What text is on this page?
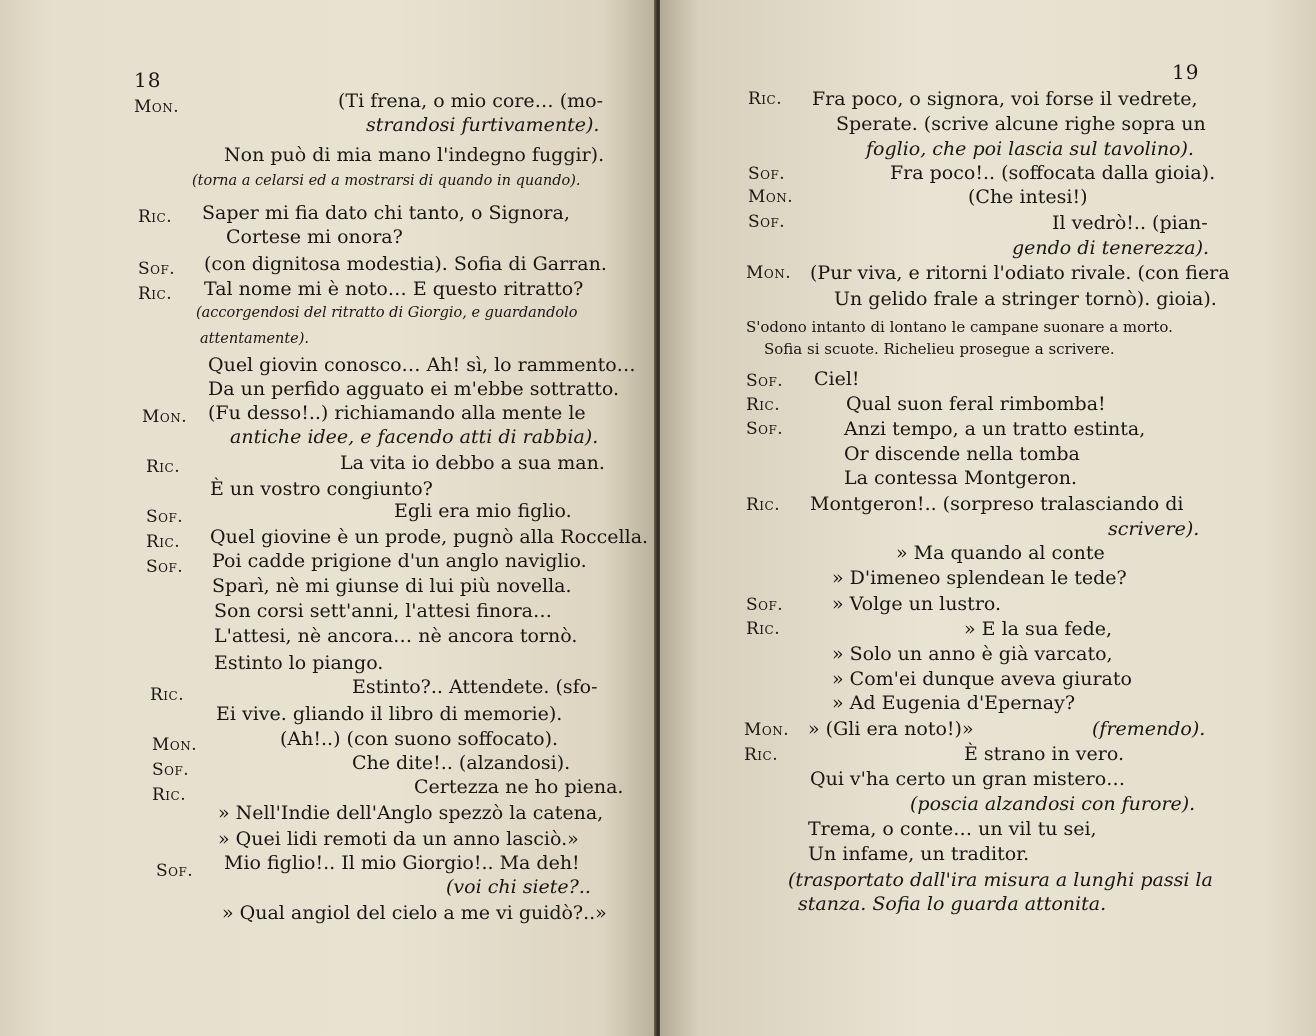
18
Mon.	(Ti frena, o mio core… (mo-
strandosi furtivamente).
Non può di mia mano l'indegno fuggir).
(torna a celarsi ed a mostrarsi di quando in quando).
Ric. Saper mi fia dato chi tanto, o Signora,
Cortese mi onora?
Sof. (con dignitosa modestia). Sofia di Garran.
Ric. Tal nome mi è noto… E questo ritratto?
(accorgendosi del ritratto di Giorgio, e guardandolo
attentamente).
Quel giovin conosco… Ah! sì, lo rammento…
Da un perfido agguato ei m'ebbe sottratto.
Mon. (Fu desso!..) richiamando alla mente le
antiche idee, e facendo atti di rabbia).
Ric.	La vita io debbo a sua man.
È un vostro congiunto?
Sof.	Egli era mio figlio.
Ric. Quel giovine è un prode, pugnò alla Roccella.
Sof. Poi cadde prigione d'un anglo naviglio.
Sparì, nè mi giunse di lui più novella.
Son corsi sett'anni, l'attesi finora…
L'attesi, nè ancora… nè ancora tornò.
Estinto lo piango.
Ric.	Estinto?.. Attendete. (sfo-
Ei vive. gliando il libro di memorie).
Mon.	(Ah!..) (con suono soffocato).
Sof.	Che dite!.. (alzandosi).
Ric.	Certezza ne ho piena.
» Nell'Indie dell'Anglo spezzò la catena,
» Quei lidi remoti da un anno lasciò.»
Sof. Mio figlio!.. Il mio Giorgio!.. Ma deh!
(voi chi siete?..
» Qual angiol del cielo a me vi guidò?..»
19
Ric. Fra poco, o signora, voi forse il vedrete,
Sperate. (scrive alcune righe sopra un
foglio, che poi lascia sul tavolino).
Sof.	Fra poco!.. (soffocata dalla gioia).
Mon.	(Che intesi!)
Sof.	Il vedrò!.. (pian-
gendo di tenerezza).
Mon. (Pur viva, e ritorni l'odiato rivale. (con fiera
Un gelido frale a stringer tornò). gioia).
S'odono intanto di lontano le campane suonare a morto.
Sofia si scuote. Richelieu prosegue a scrivere.
Sof. Ciel!
Ric.	Qual suon feral rimbomba!
Sof.	Anzi tempo, a un tratto estinta,
Or discende nella tomba
La contessa Montgeron.
Ric. Montgeron!.. (sorpreso tralasciando di
scrivere).
» Ma quando al conte
» D'imeneo splendean le tede?
Sof.	» Volge un lustro.
Ric.	» E la sua fede,
» Solo un anno è già varcato,
» Com'ei dunque aveva giurato
» Ad Eugenia d'Epernay?
Mon. » (Gli era noto!)»	(fremendo).
Ric.	È strano in vero.
Qui v'ha certo un gran mistero…
(poscia alzandosi con furore).
Trema, o conte… un vil tu sei,
Un infame, un traditor.
(trasportato dall'ira misura a lunghi passi la
stanza. Sofia lo guarda attonita.
